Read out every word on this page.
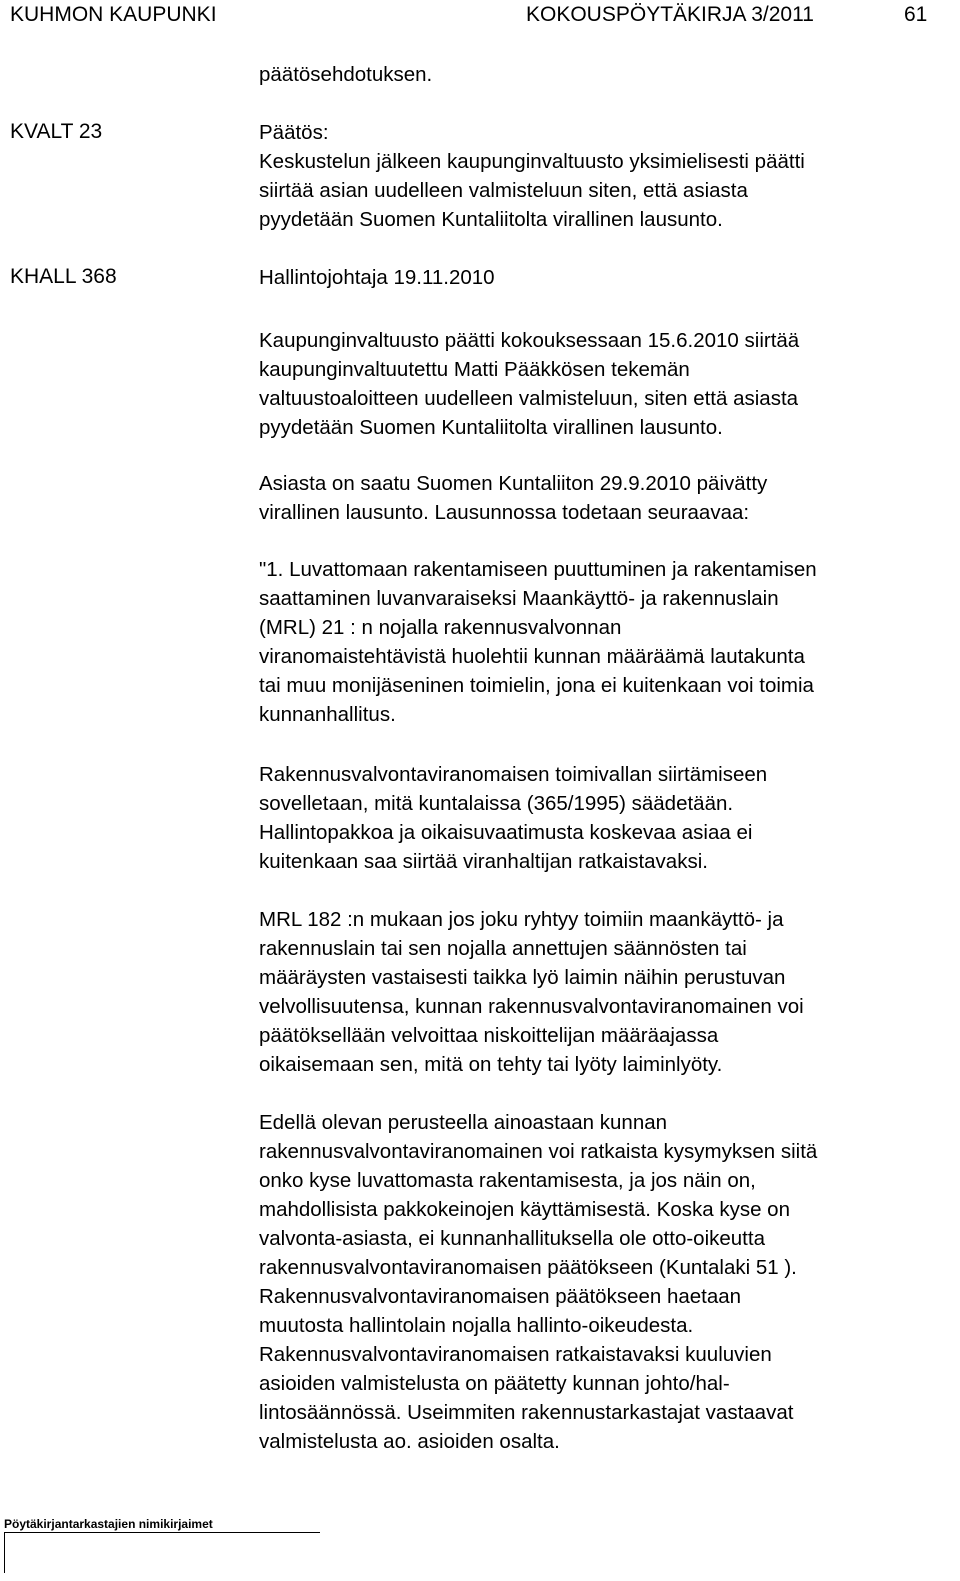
KUHMON KAUPUNKI	KOKOUSPÖYTÄKIRJA 3/2011	61
päätösehdotuksen.
KVALT 23	Päätös:
Keskustelun jälkeen kaupunginvaltuusto yksimielisesti päätti
siirtää asian uudelleen valmisteluun siten, että asiasta
pyydetään Suomen Kuntaliitolta virallinen lausunto.
KHALL 368	Hallintojohtaja 19.11.2010
Kaupunginvaltuusto päätti kokouksessaan 15.6.2010 siirtää
kaupunginvaltuutettu Matti Pääkkösen tekemän
valtuustoaloitteen uudelleen valmisteluun, siten että asiasta
pyydetään Suomen Kuntaliitolta virallinen lausunto.
Asiasta on saatu Suomen Kuntaliiton 29.9.2010 päivätty
virallinen lausunto. Lausunnossa todetaan seuraavaa:
"1. Luvattomaan rakentamiseen puuttuminen ja rakentamisen
saattaminen luvanvaraiseksi Maankäyttö- ja rakennuslain
(MRL) 21 : n nojalla rakennusvalvonnan
viranomaistehtävistä huolehtii kunnan määräämä lautakunta
tai muu monijäseninen toimielin, jona ei kuitenkaan voi toimia
kunnanhallitus.
Rakennusvalvontaviranomaisen toimivallan siirtämiseen
sovelletaan, mitä kuntalaissa (365/1995) säädetään.
Hallintopakkoa ja oikaisuvaatimusta koskevaa asiaa ei
kuitenkaan saa siirtää viranhaltijan ratkaistavaksi.
MRL 182 :n mukaan jos joku ryhtyy toimiin maankäyttö- ja
rakennuslain tai sen nojalla annettujen säännösten tai
määräysten vastaisesti taikka lyö laimin näihin perustuvan
velvollisuutensa, kunnan rakennusvalvontaviranomainen voi
päätöksellään velvoittaa niskoittelijan määräajassa
oikaisemaan sen, mitä on tehty tai lyöty laiminlyöty.
Edellä olevan perusteella ainoastaan kunnan
rakennusvalvontaviranomainen voi ratkaista kysymyksen siitä
onko kyse luvattomasta rakentamisesta, ja jos näin on,
mahdollisista pakkokeinojen käyttämisestä. Koska kyse on
valvonta-asiasta, ei kunnanhallituksella ole otto-oikeutta
rakennusvalvontaviranomaisen päätökseen (Kuntalaki 51 ).
Rakennusvalvontaviranomaisen päätökseen haetaan
muutosta hallintolain nojalla hallinto-oikeudesta.
Rakennusvalvontaviranomaisen ratkaistavaksi kuuluvien
asioiden valmistelusta on päätetty kunnan johto/hal-
lintosäännössä. Useimmiten rakennustarkastajat vastaavat
valmistelusta ao. asioiden osalta.
Pöytäkirjantarkastajien nimikirjaimet
